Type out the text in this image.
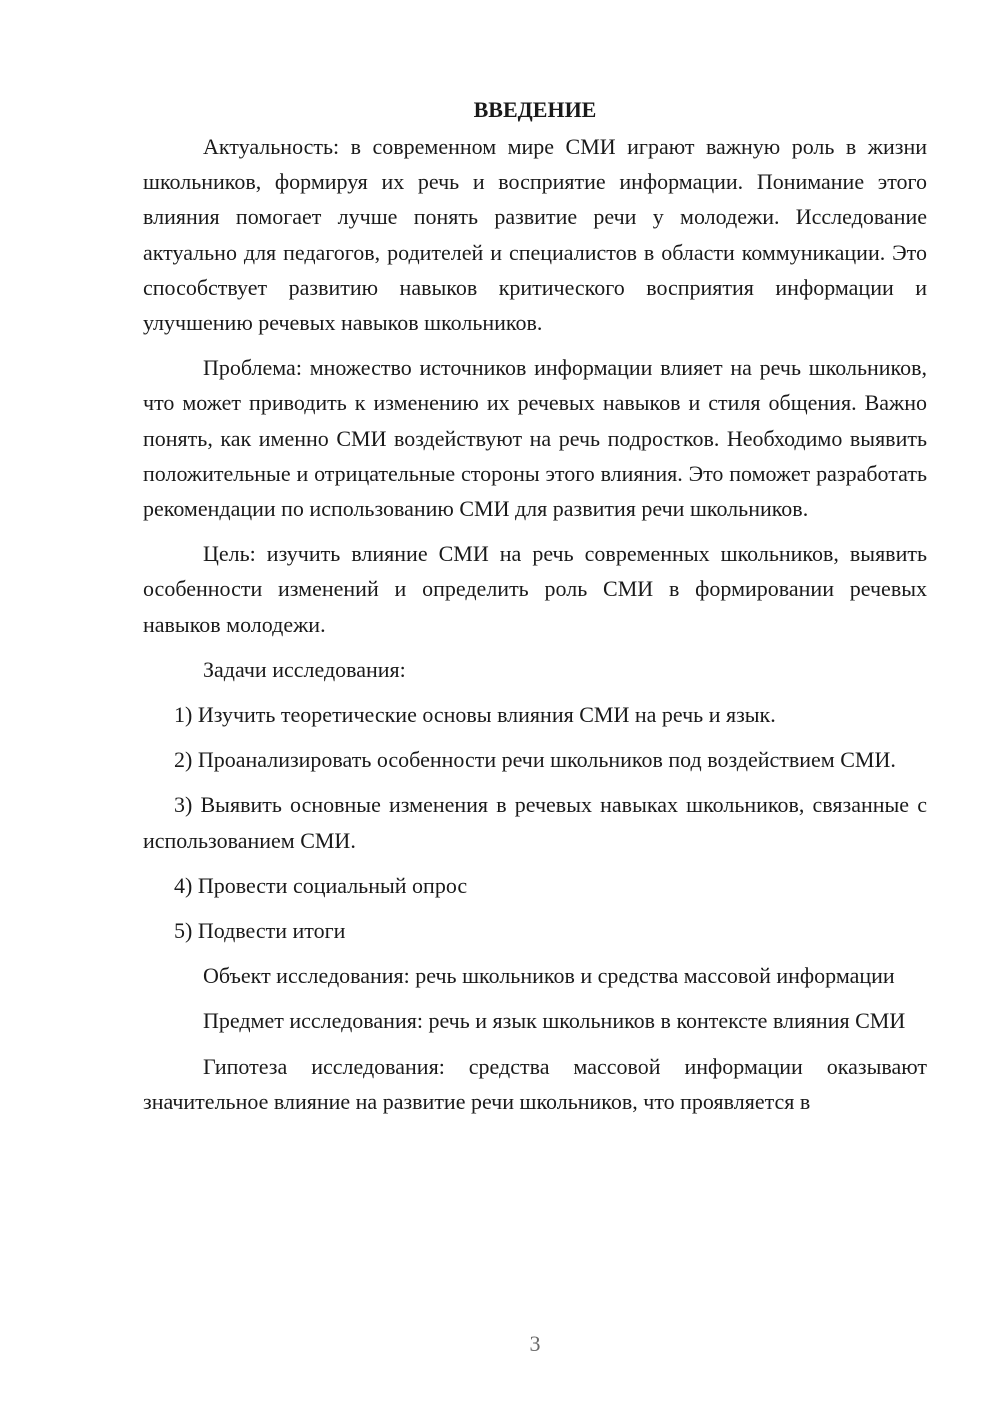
ВВЕДЕНИЕ

Актуальность: в современном мире СМИ играют важную роль в жизни школьников, формируя их речь и восприятие информации. Понимание этого влияния помогает лучше понять развитие речи у молодежи. Исследование актуально для педагогов, родителей и специалистов в области коммуникации. Это способствует развитию навыков критического восприятия информации и улучшению речевых навыков школьников.

Проблема: множество источников информации влияет на речь школьников, что может приводить к изменению их речевых навыков и стиля общения. Важно понять, как именно СМИ воздействуют на речь подростков. Необходимо выявить положительные и отрицательные стороны этого влияния. Это поможет разработать рекомендации по использованию СМИ для развития речи школьников.

Цель: изучить влияние СМИ на речь современных школьников, выявить особенности изменений и определить роль СМИ в формировании речевых навыков молодежи.

Задачи исследования:

1) Изучить теоретические основы влияния СМИ на речь и язык.

2) Проанализировать особенности речи школьников под воздействием СМИ.

3) Выявить основные изменения в речевых навыках школьников, связанные с использованием СМИ.

4) Провести социальный опрос

5) Подвести итоги

Объект исследования: речь школьников и средства массовой информации

Предмет исследования: речь и язык школьников в контексте влияния СМИ

Гипотеза исследования: средства массовой информации оказывают значительное влияние на развитие речи школьников, что проявляется в

3
